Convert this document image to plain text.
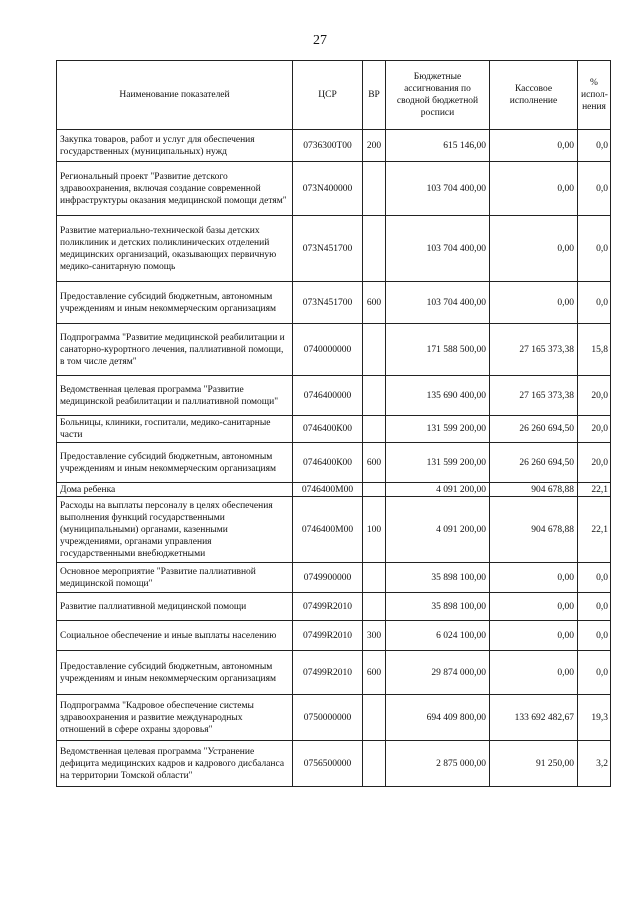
27
Наименование показателей	ЦСР	ВР	Бюджетные ассигнования по сводной бюджетной росписи	Кассовое исполнение	% испол-нения
Закупка товаров, работ и услуг для обеспечения государственных (муниципальных) нужд	0736300Т00	200	615 146,00	0,00	0,0
Региональный проект "Развитие детского здравоохранения, включая создание современной инфраструктуры оказания медицинской помощи детям"	073N400000		103 704 400,00	0,00	0,0
Развитие материально-технической базы детских поликлиник и детских поликлинических отделений медицинских организаций, оказывающих первичную медико-санитарную помощь	073N451700		103 704 400,00	0,00	0,0
Предоставление субсидий бюджетным, автономным учреждениям и иным некоммерческим организациям	073N451700	600	103 704 400,00	0,00	0,0
Подпрограмма "Развитие медицинской реабилитации и санаторно-курортного лечения, паллиативной помощи, в том числе детям"	0740000000		171 588 500,00	27 165 373,38	15,8
Ведомственная целевая программа "Развитие медицинской реабилитации и паллиативной помощи"	0746400000		135 690 400,00	27 165 373,38	20,0
Больницы, клиники, госпитали, медико-санитарные части	0746400К00		131 599 200,00	26 260 694,50	20,0
Предоставление субсидий бюджетным, автономным учреждениям и иным некоммерческим организациям	0746400К00	600	131 599 200,00	26 260 694,50	20,0
Дома ребенка	0746400М00		4 091 200,00	904 678,88	22,1
Расходы на выплаты персоналу в целях обеспечения выполнения функций государственными (муниципальными) органами, казенными учреждениями, органами управления государственными внебюджетными	0746400М00	100	4 091 200,00	904 678,88	22,1
Основное мероприятие "Развитие паллиативной медицинской помощи"	0749900000		35 898 100,00	0,00	0,0
Развитие паллиативной медицинской помощи	07499R2010		35 898 100,00	0,00	0,0
Социальное обеспечение и иные выплаты населению	07499R2010	300	6 024 100,00	0,00	0,0
Предоставление субсидий бюджетным, автономным учреждениям и иным некоммерческим организациям	07499R2010	600	29 874 000,00	0,00	0,0
Подпрограмма "Кадровое обеспечение системы здравоохранения и развитие международных отношений в сфере охраны здоровья"	0750000000		694 409 800,00	133 692 482,67	19,3
Ведомственная целевая программа "Устранение дефицита медицинских кадров и кадрового дисбаланса на территории Томской области"	0756500000		2 875 000,00	91 250,00	3,2
